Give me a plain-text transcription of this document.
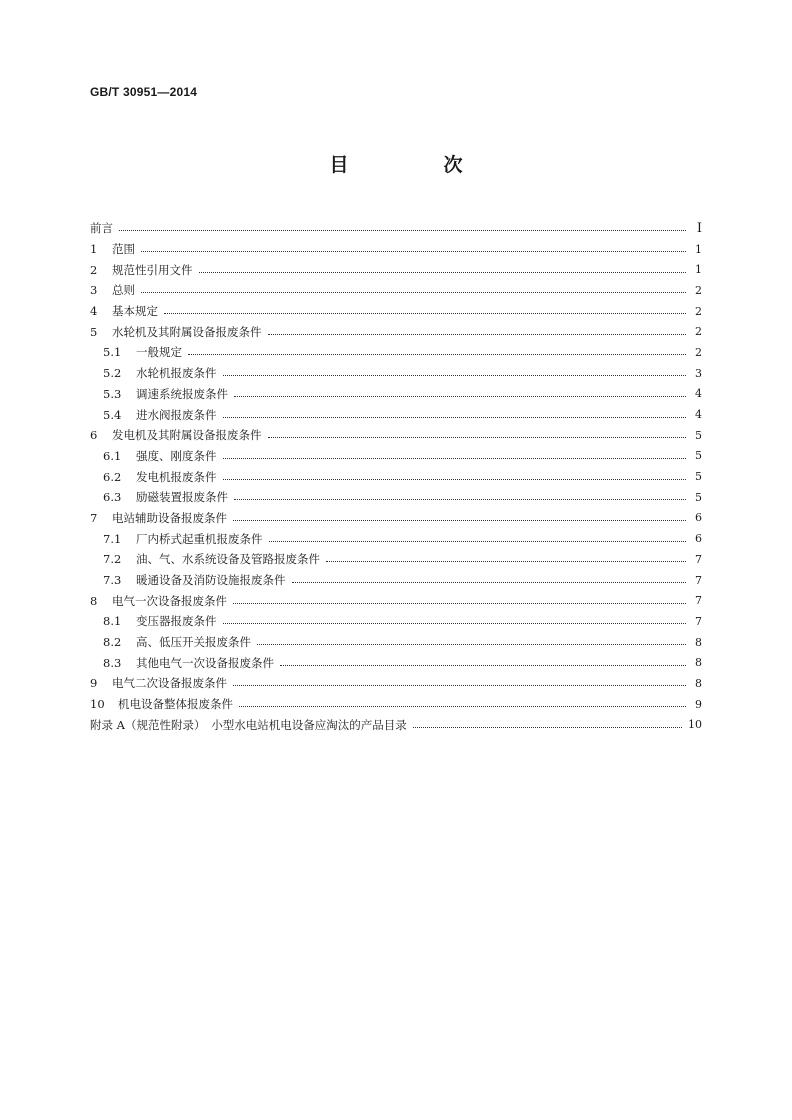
GB/T 30951—2014
目　次
前言	Ⅰ
1	范围	1
2	规范性引用文件	1
3	总则	2
4	基本规定	2
5	水轮机及其附属设备报废条件	2
5.1	一般规定	2
5.2	水轮机报废条件	3
5.3	调速系统报废条件	4
5.4	进水阀报废条件	4
6	发电机及其附属设备报废条件	5
6.1	强度、刚度条件	5
6.2	发电机报废条件	5
6.3	励磁装置报废条件	5
7	电站辅助设备报废条件	6
7.1	厂内桥式起重机报废条件	6
7.2	油、气、水系统设备及管路报废条件	7
7.3	暖通设备及消防设施报废条件	7
8	电气一次设备报废条件	7
8.1	变压器报废条件	7
8.2	高、低压开关报废条件	8
8.3	其他电气一次设备报废条件	8
9	电气二次设备报废条件	8
10	机电设备整体报废条件	9
附录 A（规范性附录）　小型水电站机电设备应淘汰的产品目录	10
